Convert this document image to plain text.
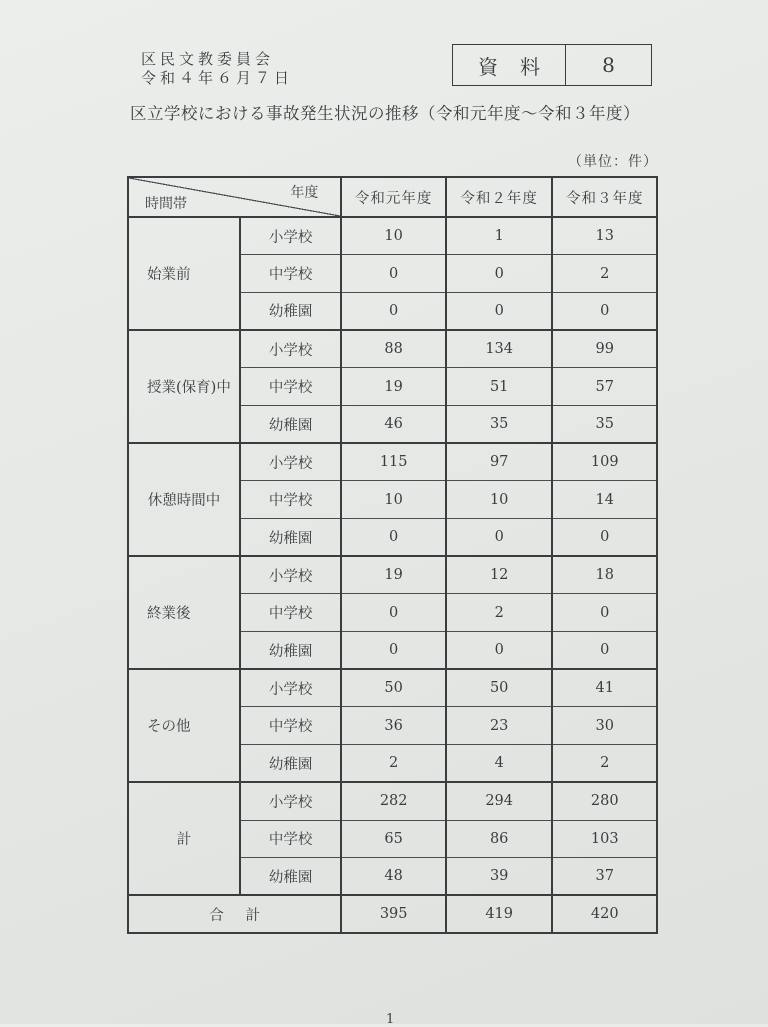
区民文教委員会
令和４年６月７日	資料	8
区立学校における事故発生状況の推移（令和元年度〜令和３年度）
（単位：件）
年度
時間帯		令和元年度	令和２年度	令和３年度
始業前	小学校	10	1	13
	中学校	0	0	2
	幼稚園	0	0	0
授業(保育)中	小学校	88	134	99
	中学校	19	51	57
	幼稚園	46	35	35
休憩時間中	小学校	115	97	109
	中学校	10	10	14
	幼稚園	0	0	0
終業後	小学校	19	12	18
	中学校	0	2	0
	幼稚園	0	0	0
その他	小学校	50	50	41
	中学校	36	23	30
	幼稚園	2	4	2
計	小学校	282	294	280
	中学校	65	86	103
	幼稚園	48	39	37
合計		395	419	420
1
